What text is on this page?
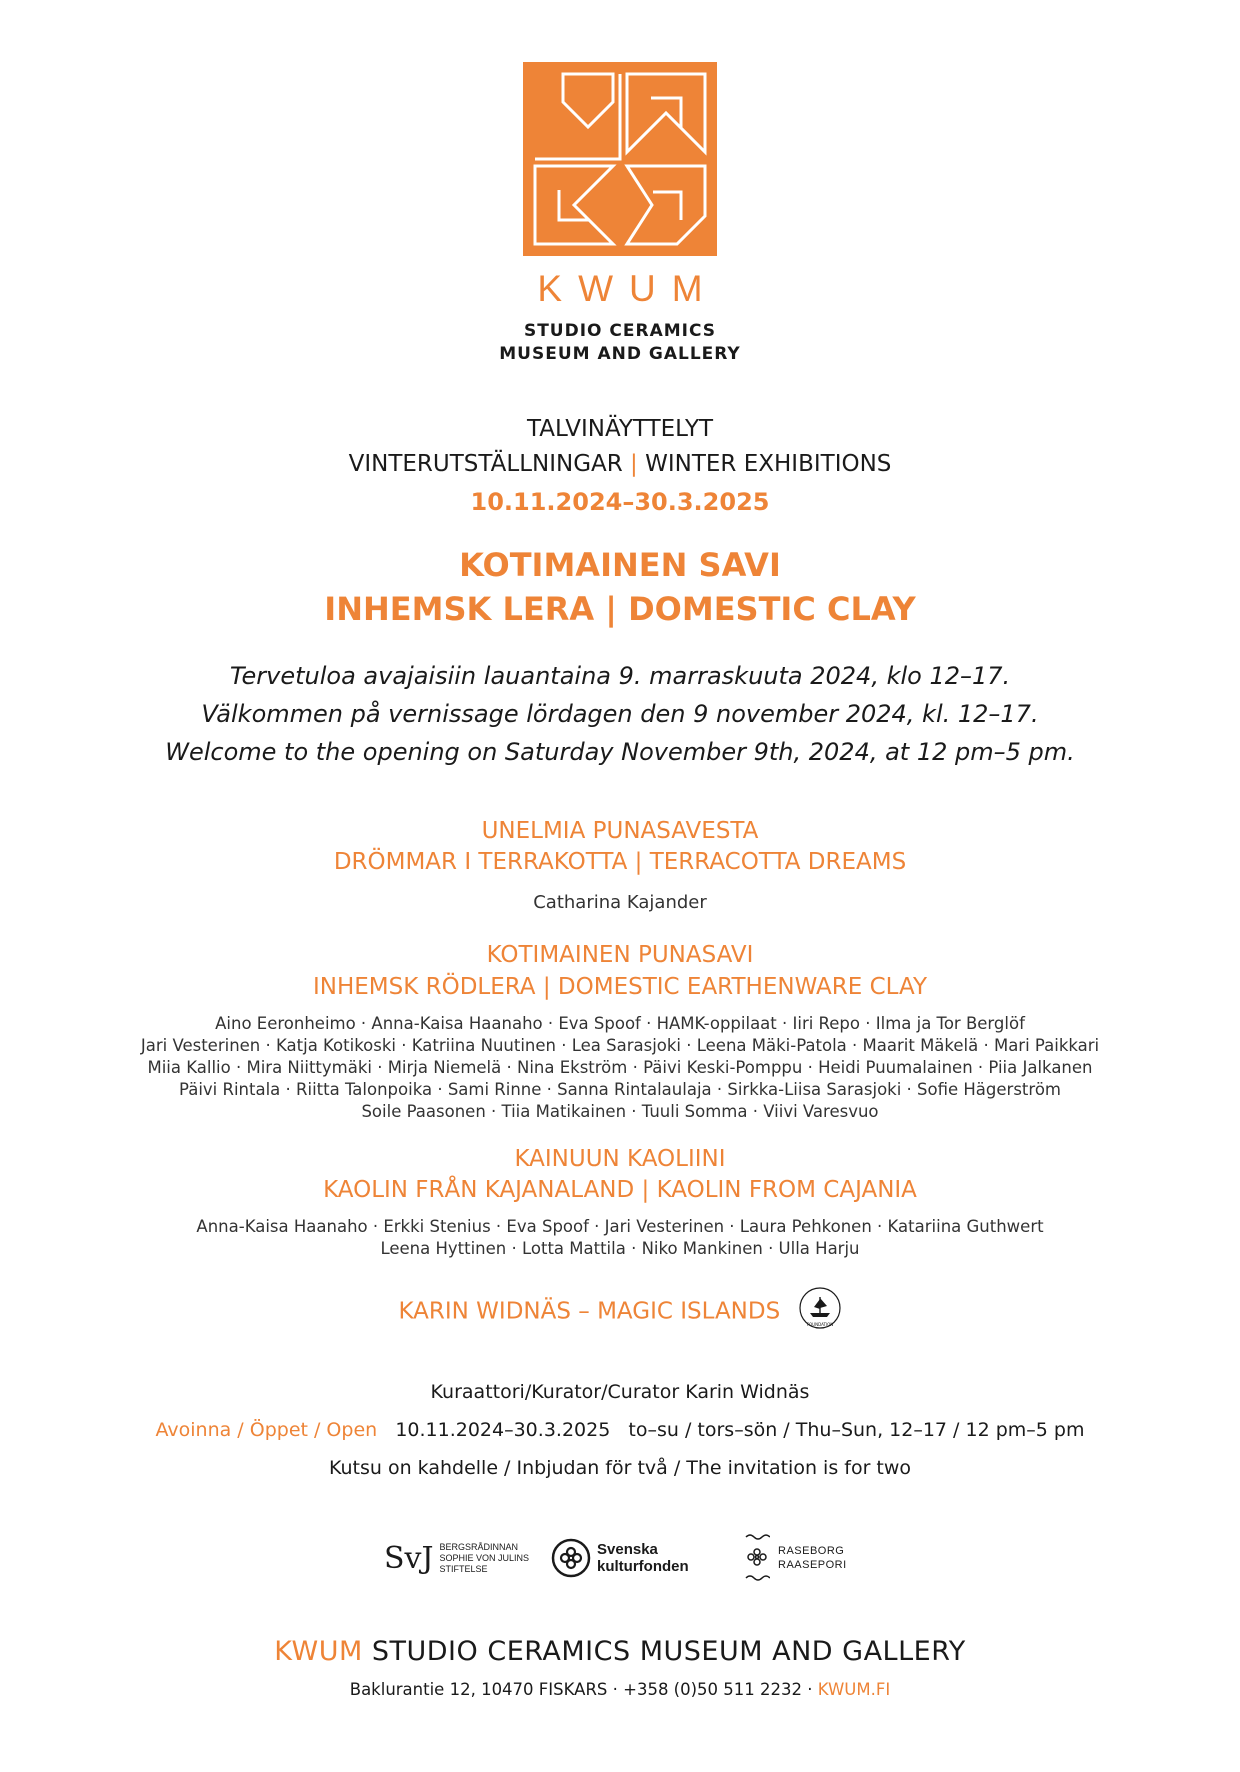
KWUM
STUDIO CERAMICS
MUSEUM AND GALLERY
TALVINÄYTTELYT
VINTERUTSTÄLLNINGAR | WINTER EXHIBITIONS
10.11.2024–30.3.2025
KOTIMAINEN SAVI
INHEMSK LERA | DOMESTIC CLAY
Tervetuloa avajaisiin lauantaina 9. marraskuuta 2024, klo 12–17.
Välkommen på vernissage lördagen den 9 november 2024, kl. 12–17.
Welcome to the opening on Saturday November 9th, 2024, at 12 pm–5 pm.
UNELMIA PUNASAVESTA
DRÖMMAR I TERRAKOTTA | TERRACOTTA DREAMS
Catharina Kajander
KOTIMAINEN PUNASAVI
INHEMSK RÖDLERA | DOMESTIC EARTHENWARE CLAY
Aino Eeronheimo · Anna-Kaisa Haanaho · Eva Spoof · HAMK-oppilaat · Iiri Repo · Ilma ja Tor Berglöf
Jari Vesterinen · Katja Kotikoski · Katriina Nuutinen · Lea Sarasjoki · Leena Mäki-Patola · Maarit Mäkelä · Mari Paikkari
Miia Kallio · Mira Niittymäki · Mirja Niemelä · Nina Ekström · Päivi Keski-Pomppu · Heidi Puumalainen · Piia Jalkanen
Päivi Rintala · Riitta Talonpoika · Sami Rinne · Sanna Rintalaulaja · Sirkka-Liisa Sarasjoki · Sofie Hägerström
Soile Paasonen · Tiia Matikainen · Tuuli Somma · Viivi Varesvuo
KAINUUN KAOLIINI
KAOLIN FRÅN KAJANALAND | KAOLIN FROM CAJANIA
Anna-Kaisa Haanaho · Erkki Stenius · Eva Spoof · Jari Vesterinen · Laura Pehkonen · Katariina Guthwert
Leena Hyttinen · Lotta Mattila · Niko Mankinen · Ulla Harju
KARIN WIDNÄS – MAGIC ISLANDS	FOUNDATION
Kuraattori/Kurator/Curator Karin Widnäs
Avoinna / Öppet / Open 10.11.2024–30.3.2025 to–su / tors–sön / Thu–Sun, 12–17 / 12 pm–5 pm
Kutsu on kahdelle / Inbjudan för två / The invitation is for two
SvJ BERGSRÅDINNAN
SOPHIE VON JULINS
STIFTELSE
Svenska
kulturfonden
RASEBORG
RAASEPORI
KWUM STUDIO CERAMICS MUSEUM AND GALLERY
Baklurantie 12, 10470 FISKARS · +358 (0)50 511 2232 · KWUM.FI
